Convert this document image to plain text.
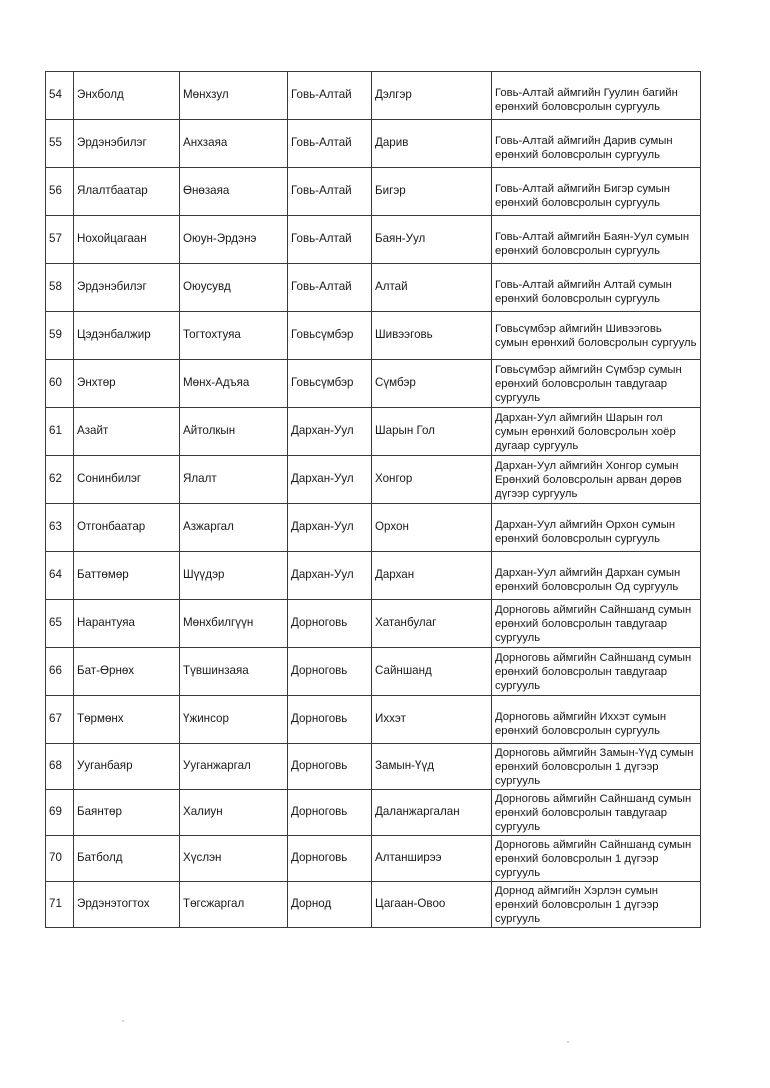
54	Энхболд	Мөнхзул	Говь-Алтай	Дэлгэр	Говь-Алтай аймгийн Гуулин багийн ерөнхий боловсролын сургууль
55	Эрдэнэбилэг	Анхзаяа	Говь-Алтай	Дарив	Говь-Алтай аймгийн Дарив сумын ерөнхий боловсролын сургууль
56	Ялалтбаатар	Өнөзаяа	Говь-Алтай	Бигэр	Говь-Алтай аймгийн Бигэр сумын ерөнхий боловсролын сургууль
57	Нохойцагаан	Оюун-Эрдэнэ	Говь-Алтай	Баян-Уул	Говь-Алтай аймгийн Баян-Уул сумын ерөнхий боловсролын сургууль
58	Эрдэнэбилэг	Оюусувд	Говь-Алтай	Алтай	Говь-Алтай аймгийн Алтай сумын ерөнхий боловсролын сургууль
59	Цэдэнбалжир	Тогтохтуяа	Говьсүмбэр	Шивээговь	Говьсүмбэр аймгийн Шивээговь сумын ерөнхий боловсролын сургууль
60	Энхтөр	Мөнх-Адъяа	Говьсүмбэр	Сүмбэр	Говьсүмбэр аймгийн Сүмбэр сумын ерөнхий боловсролын тавдугаар сургууль
61	Азайт	Айтолкын	Дархан-Уул	Шарын Гол	Дархан-Уул аймгийн Шарын гол сумын ерөнхий боловсролын хоёр дугаар сургууль
62	Сонинбилэг	Ялалт	Дархан-Уул	Хонгор	Дархан-Уул аймгийн Хонгор сумын Ерөнхий боловсролын арван дөрөв дүгээр сургууль
63	Отгонбаатар	Азжаргал	Дархан-Уул	Орхон	Дархан-Уул аймгийн Орхон сумын ерөнхий боловсролын сургууль
64	Баттөмөр	Шүүдэр	Дархан-Уул	Дархан	Дархан-Уул аймгийн Дархан сумын ерөнхий боловсролын Од сургууль
65	Нарантуяа	Мөнхбилгүүн	Дорноговь	Хатанбулаг	Дорноговь аймгийн Сайншанд сумын ерөнхий боловсролын тавдугаар сургууль
66	Бат-Өрнөх	Түвшинзаяа	Дорноговь	Сайншанд	Дорноговь аймгийн Сайншанд сумын ерөнхий боловсролын тавдугаар сургууль
67	Төрмөнх	Үжинсор	Дорноговь	Иххэт	Дорноговь аймгийн Иххэт сумын ерөнхий боловсролын сургууль
68	Ууганбаяр	Ууганжаргал	Дорноговь	Замын-Үүд	Дорноговь аймгийн Замын-Үүд сумын ерөнхий боловсролын 1 дүгээр сургууль
69	Баянтөр	Халиун	Дорноговь	Даланжаргалан	Дорноговь аймгийн Сайншанд сумын ерөнхий боловсролын тавдугаар сургууль
70	Батболд	Хүслэн	Дорноговь	Алтанширээ	Дорноговь аймгийн Сайншанд сумын ерөнхий боловсролын 1 дүгээр сургууль
71	Эрдэнэтогтох	Төгсжаргал	Дорнод	Цагаан-Овоо	Дорнод аймгийн Хэрлэн сумын ерөнхий боловсролын 1 дүгээр сургууль
